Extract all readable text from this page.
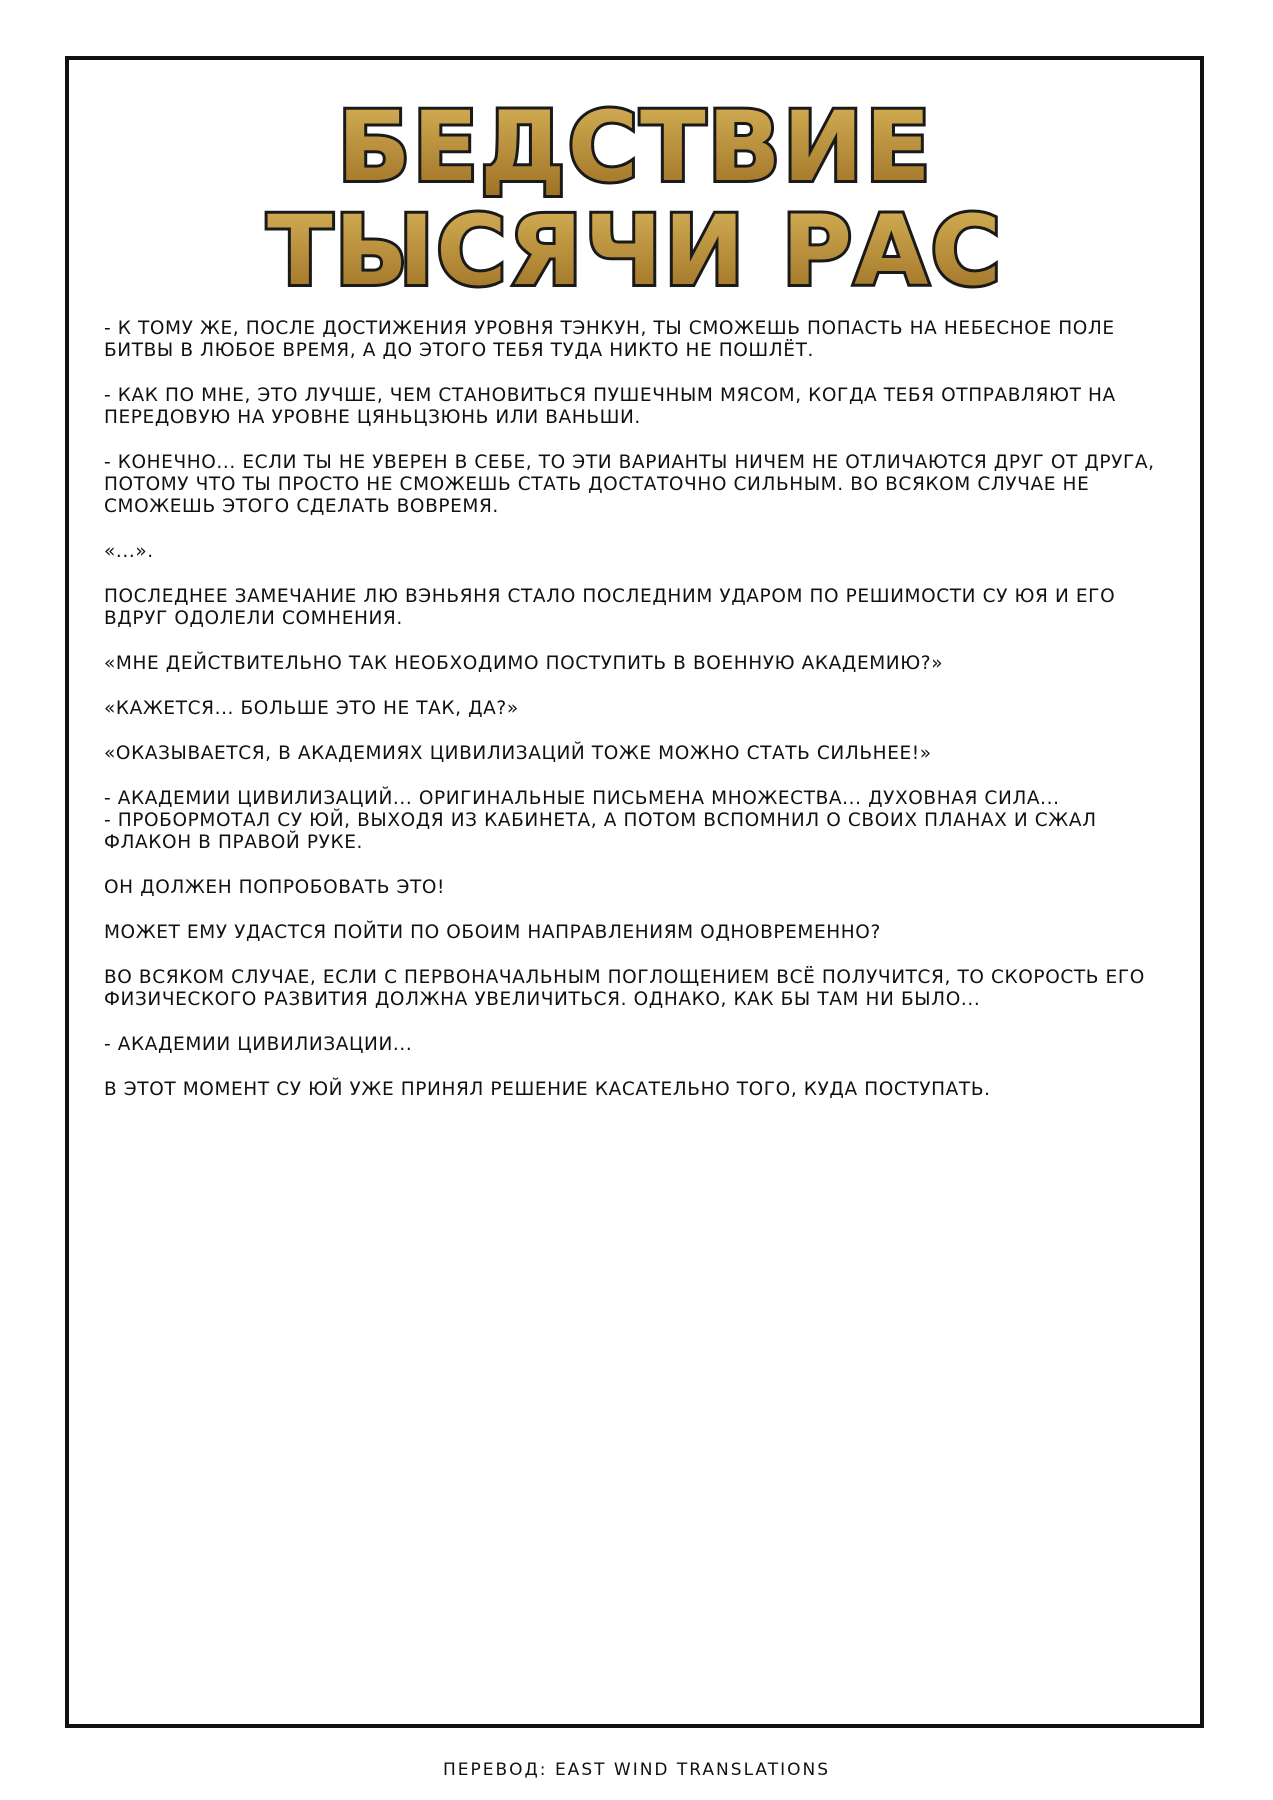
БЕДСТВИЕ
ТЫСЯЧИ РАС

- К ТОМУ ЖЕ, ПОСЛЕ ДОСТИЖЕНИЯ УРОВНЯ ТЭНКУН, ТЫ СМОЖЕШЬ ПОПАСТЬ НА НЕБЕСНОЕ ПОЛЕ БИТВЫ В ЛЮБОЕ ВРЕМЯ, А ДО ЭТОГО ТЕБЯ ТУДА НИКТО НЕ ПОШЛЁТ.

- КАК ПО МНЕ, ЭТО ЛУЧШЕ, ЧЕМ СТАНОВИТЬСЯ ПУШЕЧНЫМ МЯСОМ, КОГДА ТЕБЯ ОТПРАВЛЯЮТ НА ПЕРЕДОВУЮ НА УРОВНЕ ЦЯНЬЦЗЮНЬ ИЛИ ВАНЬШИ.

- КОНЕЧНО... ЕСЛИ ТЫ НЕ УВЕРЕН В СЕБЕ, ТО ЭТИ ВАРИАНТЫ НИЧЕМ НЕ ОТЛИЧАЮТСЯ ДРУГ ОТ ДРУГА, ПОТОМУ ЧТО ТЫ ПРОСТО НЕ СМОЖЕШЬ СТАТЬ ДОСТАТОЧНО СИЛЬНЫМ. ВО ВСЯКОМ СЛУЧАЕ НЕ СМОЖЕШЬ ЭТОГО СДЕЛАТЬ ВОВРЕМЯ.

«...».

ПОСЛЕДНЕЕ ЗАМЕЧАНИЕ ЛЮ ВЭНЬЯНЯ СТАЛО ПОСЛЕДНИМ УДАРОМ ПО РЕШИМОСТИ СУ ЮЯ И ЕГО ВДРУГ ОДОЛЕЛИ СОМНЕНИЯ.

«МНЕ ДЕЙСТВИТЕЛЬНО ТАК НЕОБХОДИМО ПОСТУПИТЬ В ВОЕННУЮ АКАДЕМИЮ?»

«КАЖЕТСЯ... БОЛЬШЕ ЭТО НЕ ТАК, ДА?»

«ОКАЗЫВАЕТСЯ, В АКАДЕМИЯХ ЦИВИЛИЗАЦИЙ ТОЖЕ МОЖНО СТАТЬ СИЛЬНЕЕ!»

- АКАДЕМИИ ЦИВИЛИЗАЦИЙ... ОРИГИНАЛЬНЫЕ ПИСЬМЕНА МНОЖЕСТВА... ДУХОВНАЯ СИЛА...
- ПРОБОРМОТАЛ СУ ЮЙ, ВЫХОДЯ ИЗ КАБИНЕТА, А ПОТОМ ВСПОМНИЛ О СВОИХ ПЛАНАХ И СЖАЛ ФЛАКОН В ПРАВОЙ РУКЕ.

ОН ДОЛЖЕН ПОПРОБОВАТЬ ЭТО!

МОЖЕТ ЕМУ УДАСТСЯ ПОЙТИ ПО ОБОИМ НАПРАВЛЕНИЯМ ОДНОВРЕМЕННО?

ВО ВСЯКОМ СЛУЧАЕ, ЕСЛИ С ПЕРВОНАЧАЛЬНЫМ ПОГЛОЩЕНИЕМ ВСЁ ПОЛУЧИТСЯ, ТО СКОРОСТЬ ЕГО ФИЗИЧЕСКОГО РАЗВИТИЯ ДОЛЖНА УВЕЛИЧИТЬСЯ. ОДНАКО, КАК БЫ ТАМ НИ БЫЛО...

- АКАДЕМИИ ЦИВИЛИЗАЦИИ...

В ЭТОТ МОМЕНТ СУ ЮЙ УЖЕ ПРИНЯЛ РЕШЕНИЕ КАСАТЕЛЬНО ТОГО, КУДА ПОСТУПАТЬ.

ПЕРЕВОД: EAST WIND TRANSLATIONS
